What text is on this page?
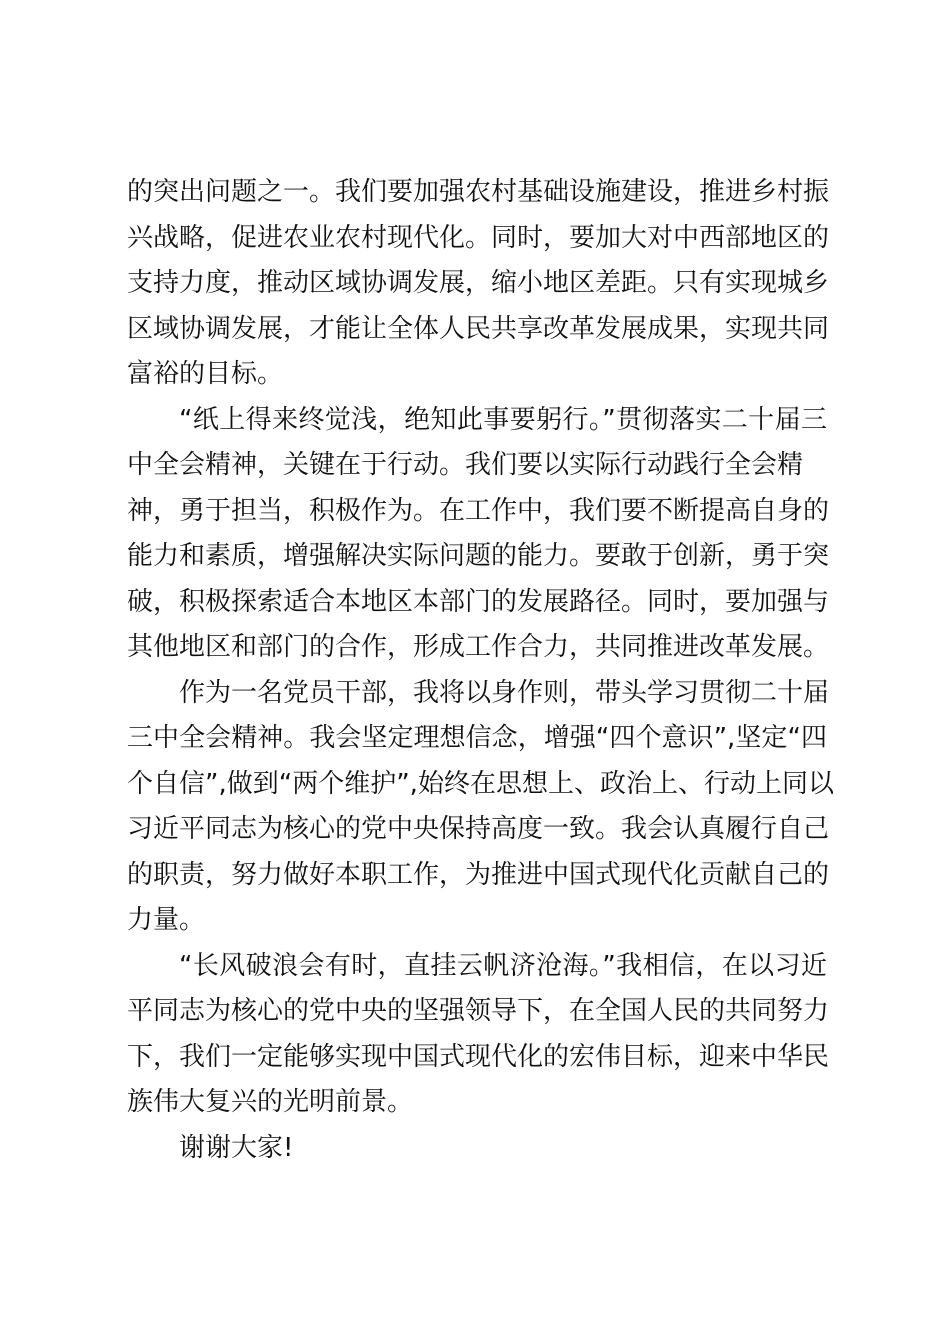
的突出问题之一。我们要加强农村基础设施建设，推进乡村振
兴战略，促进农业农村现代化。同时，要加大对中西部地区的
支持力度，推动区域协调发展，缩小地区差距。只有实现城乡
区域协调发展，才能让全体人民共享改革发展成果，实现共同
富裕的目标。
“纸上得来终觉浅，绝知此事要躬行。”贯彻落实二十届三
中全会精神，关键在于行动。我们要以实际行动践行全会精
神，勇于担当，积极作为。在工作中，我们要不断提高自身的
能力和素质，增强解决实际问题的能力。要敢于创新，勇于突
破，积极探索适合本地区本部门的发展路径。同时，要加强与
其他地区和部门的合作，形成工作合力，共同推进改革发展。
作为一名党员干部，我将以身作则，带头学习贯彻二十届
三中全会精神。我会坚定理想信念，增强“四个意识”,坚定“四
个自信”,做到“两个维护”,始终在思想上、政治上、行动上同以
习近平同志为核心的党中央保持高度一致。我会认真履行自己
的职责，努力做好本职工作，为推进中国式现代化贡献自己的
力量。
“长风破浪会有时，直挂云帆济沧海。”我相信，在以习近
平同志为核心的党中央的坚强领导下，在全国人民的共同努力
下，我们一定能够实现中国式现代化的宏伟目标，迎来中华民
族伟大复兴的光明前景。
谢谢大家!
